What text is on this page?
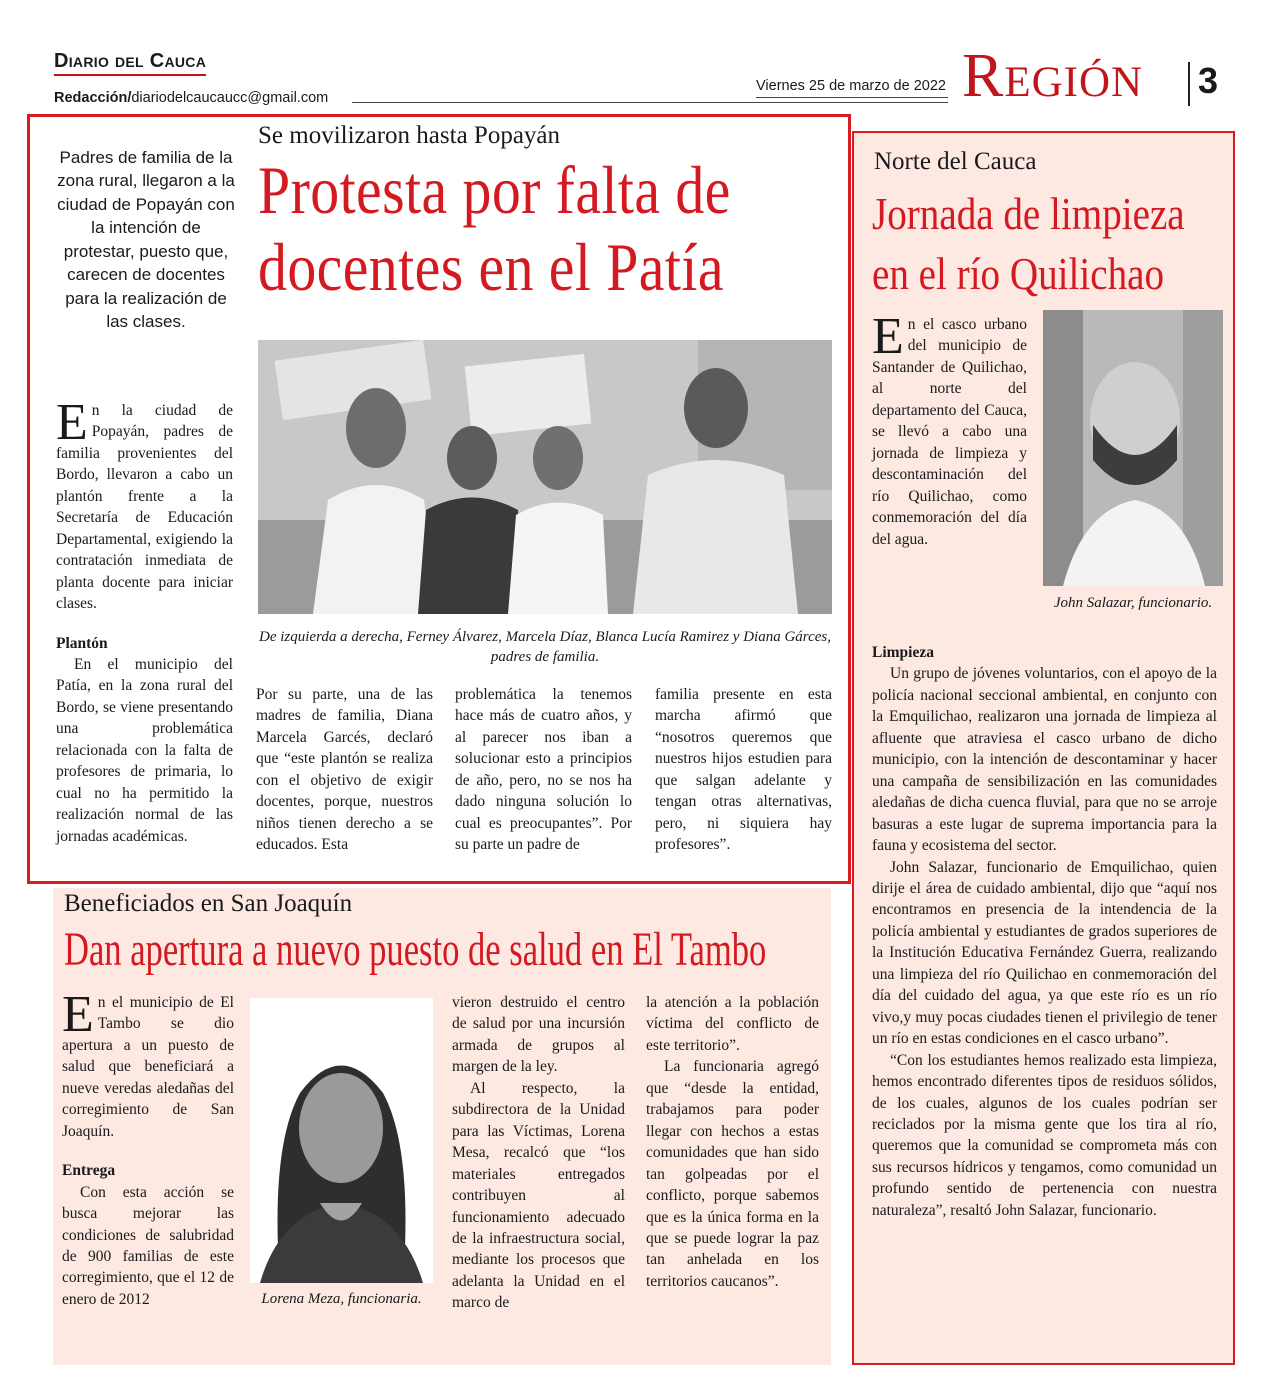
Diario del Cauca
Redacción/diariodelcaucaucc@gmail.com
Viernes 25 de marzo de 2022 Región 3
Padres de familia de la zona rural, llegaron a la ciudad de Popayán con la intención de protestar, puesto que, carecen de docentes para la realización de las clases.
Se movilizaron hasta Popayán
Protesta por falta de docentes en el Patía
De izquierda a derecha, Ferney Álvarez, Marcela Díaz, Blanca Lucía Ramirez y Diana Gárces, padres de familia.

En la ciudad de Popayán, padres de familia provenientes del Bordo, llevaron a cabo un plantón frente a la Secretaría de Educación Departamental, exigiendo la contratación inmediata de planta docente para iniciar clases.

Plantón

En el municipio del Patía, en la zona rural del Bordo, se viene presentando una problemática relacionada con la falta de profesores de primaria, lo cual no ha permitido la realización normal de las jornadas académicas.

Por su parte, una de las madres de familia, Diana Marcela Garcés, declaró que “este plantón se realiza con el objetivo de exigir docentes, porque, nuestros niños tienen derecho a se educados. Esta

problemática la tenemos hace más de cuatro años, y al parecer nos iban a solucionar esto a principios de año, pero, no se nos ha dado ninguna solución lo cual es preocupantes”. Por su parte un padre de

familia presente en esta marcha afirmó que “nosotros queremos que nuestros hijos estudien para que salgan adelante y tengan otras alternativas, pero, ni siquiera hay profesores”.

Beneficiados en San Joaquín
Dan apertura a nuevo puesto de salud en El Tambo

En el municipio de El Tambo se dio apertura a un puesto de salud que beneficiará a nueve veredas aledañas del corregimiento de San Joaquín.

Entrega

Con esta acción se busca mejorar las condiciones de salubridad de 900 familias de este corregimiento, que el 12 de enero de 2012	Lorena Meza, funcionaria.

vieron destruido el centro de salud por una incursión armada de grupos al margen de la ley.

Al respecto, la subdirectora de la Unidad para las Víctimas, Lorena Mesa, recalcó que “los materiales entregados contribuyen al funcionamiento adecuado de la infraestructura social, mediante los procesos que adelanta la Unidad en el marco de

la atención a la población víctima del conflicto de este territorio”.

La funcionaria agregó que “desde la entidad, trabajamos para poder llegar con hechos a estas comunidades que han sido tan golpeadas por el conflicto, porque sabemos que es la única forma en la que se puede lograr la paz tan anhelada en los territorios caucanos”.

Norte del Cauca
Jornada de limpieza en el río Quilichao

En el casco urbano del municipio de Santander de Quilichao, al norte del departamento del Cauca, se llevó a cabo una jornada de limpieza y descontaminación del río Quilichao, como conmemoración del día del agua.

John Salazar, funcionario.

Limpieza

Un grupo de jóvenes voluntarios, con el apoyo de la policía nacional seccional ambiental, en conjunto con la Emquilichao, realizaron una jornada de limpieza al afluente que atraviesa el casco urbano de dicho municipio, con la intención de descontaminar y hacer una campaña de sensibilización en las comunidades aledañas de dicha cuenca fluvial, para que no se arroje basuras a este lugar de suprema importancia para la fauna y ecosistema del sector.

John Salazar, funcionario de Emquilichao, quien dirije el área de cuidado ambiental, dijo que “aquí nos encontramos en presencia de la intendencia de la policía ambiental y estudiantes de grados superiores de la Institución Educativa Fernández Guerra, realizando una limpieza del río Quilichao en conmemoración del día del cuidado del agua, ya que este río es un río vivo,y muy pocas ciudades tienen el privilegio de tener un río en estas condiciones en el casco urbano”.

“Con los estudiantes hemos realizado esta limpieza, hemos encontrado diferentes tipos de residuos sólidos, de los cuales, algunos de los cuales podrían ser reciclados por la misma gente que los tira al río, queremos que la comunidad se comprometa más con sus recursos hídricos y tengamos, como comunidad un profundo sentido de pertenencia con nuestra naturaleza”, resaltó John Salazar, funcionario.
